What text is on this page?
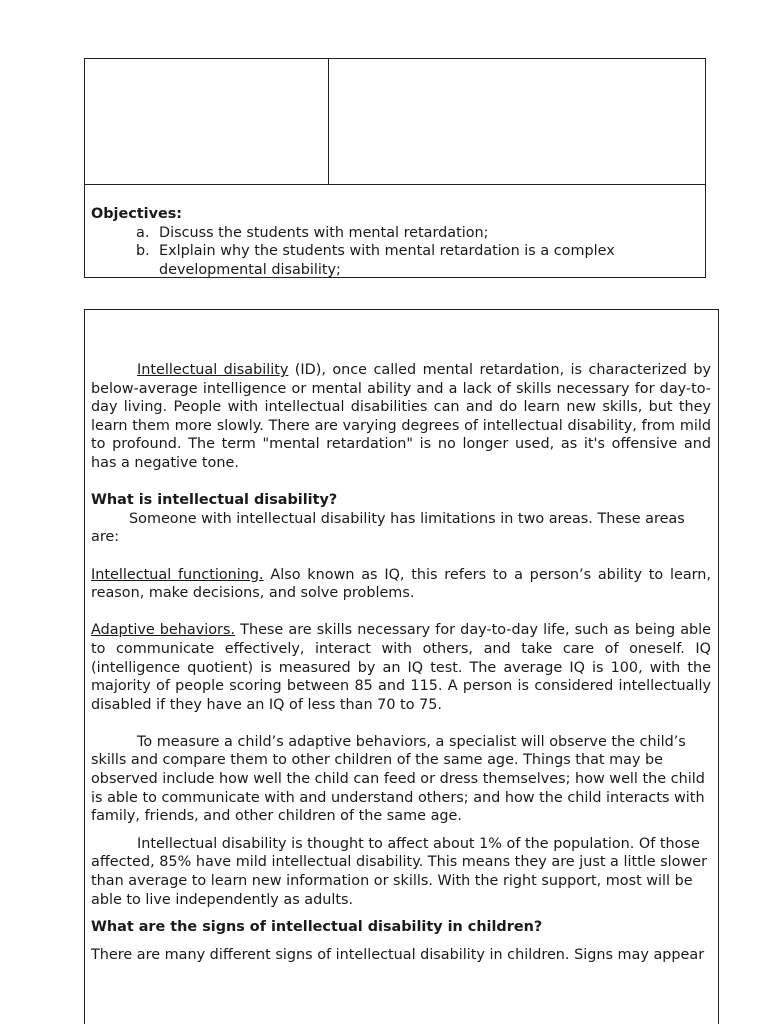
Objectives:

a. Discuss the students with mental retardation;
b. Exlplain why the students with mental retardation is a complex developmental disability;

Intellectual disability (ID), once called mental retardation, is characterized by below-average intelligence or mental ability and a lack of skills necessary for day-to-day living. People with intellectual disabilities can and do learn new skills, but they learn them more slowly. There are varying degrees of intellectual disability, from mild to profound. The term "mental retardation" is no longer used, as it's offensive and has a negative tone.

What is intellectual disability?

Someone with intellectual disability has limitations in two areas. These areas are:

Intellectual functioning. Also known as IQ, this refers to a person’s ability to learn, reason, make decisions, and solve problems.

Adaptive behaviors. These are skills necessary for day-to-day life, such as being able to communicate effectively, interact with others, and take care of oneself. IQ (intelligence quotient) is measured by an IQ test. The average IQ is 100, with the majority of people scoring between 85 and 115. A person is considered intellectually disabled if they have an IQ of less than 70 to 75.

To measure a child’s adaptive behaviors, a specialist will observe the child’s skills and compare them to other children of the same age. Things that may be observed include how well the child can feed or dress themselves; how well the child is able to communicate with and understand others; and how the child interacts with family, friends, and other children of the same age.

Intellectual disability is thought to affect about 1% of the population. Of those affected, 85% have mild intellectual disability. This means they are just a little slower than average to learn new information or skills. With the right support, most will be able to live independently as adults.

What are the signs of intellectual disability in children?

There are many different signs of intellectual disability in children. Signs may appear
